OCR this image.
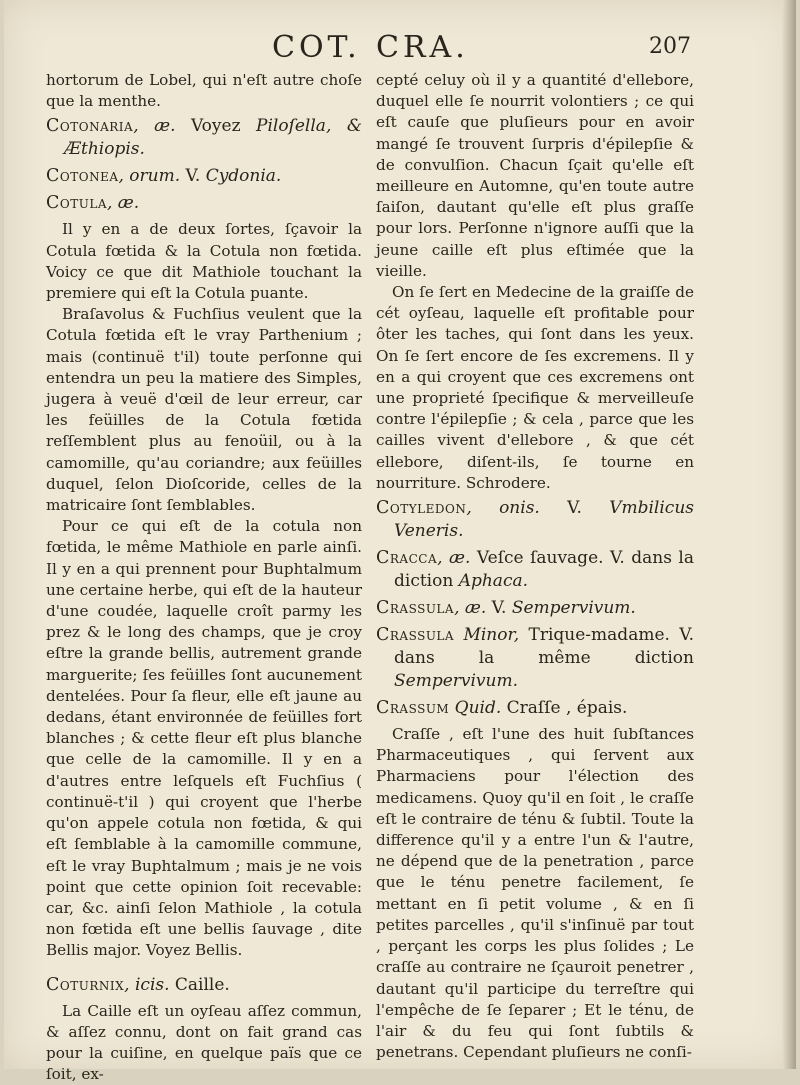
COT. CRA.	207

hortorum de Lobel, qui n'eſt autre choſe que la menthe.

Cotonaria, æ. Voyez Piloſella, & Æthiopis.
Cotonea, orum. V. Cydonia.
Cotula, æ.

Il y en a de deux ſortes, ſçavoir la Cotula fœtida & la Cotula non fœtida. Voicy ce que dit Mathiole touchant la premiere qui eſt la Cotula puante.

Braſavolus & Fuchſius veulent que la Cotula fœtida eſt le vray Parthenium ; mais (continuë t'il) toute perſonne qui entendra un peu la matiere des Simples, jugera à veuë d'œil de leur erreur, car les feüilles de la Cotula fœtida reſſemblent plus au fenoüil, ou à la camomille, qu'au coriandre; aux feüilles duquel, ſelon Dioſcoride, celles de la matricaire ſont ſemblables.

Pour ce qui eſt de la cotula non fœtida, le même Mathiole en parle ainſi. Il y en a qui prennent pour Buphtalmum une certaine herbe, qui eſt de la hauteur d'une coudée, laquelle croît parmy les prez & le long des champs, que je croy eſtre la grande bellis, autrement grande marguerite; ſes feüilles ſont aucunement dentelées. Pour ſa fleur, elle eſt jaune au dedans, étant environnée de feüilles fort blanches ; & cette fleur eſt plus blanche que celle de la camomille. Il y en a d'autres entre leſquels eſt Fuchſius ( continuë-t'il ) qui croyent que l'herbe qu'on appele cotula non fœtida, & qui eſt ſemblable à la camomille commune, eſt le vray Buphtalmum ; mais je ne vois point que cette opinion ſoit recevable: car, &c. ainſi ſelon Mathiole , la cotula non fœtida eſt une bellis ſauvage , dite Bellis major. Voyez Bellis.

Coturnix, icis. Caille.

La Caille eſt un oyſeau aſſez commun, & aſſez connu, dont on fait grand cas pour la cuiſine, en quelque païs que ce ſoit, ex-

cepté celuy où il y a quantité d'ellebore, duquel elle ſe nourrit volontiers ; ce qui eſt cauſe que pluſieurs pour en avoir mangé ſe trouvent ſurpris d'épilepſie & de convulſion. Chacun ſçait qu'elle eſt meilleure en Automne, qu'en toute autre ſaiſon, dautant qu'elle eſt plus graſſe pour lors. Perſonne n'ignore auſſi que la jeune caille eſt plus eſtimée que la vieille.

On ſe ſert en Medecine de la graiſſe de cét oyſeau, laquelle eſt profitable pour ôter les taches, qui ſont dans les yeux. On ſe ſert encore de ſes excremens. Il y en a qui croyent que ces excremens ont une proprieté ſpecifique & merveilleuſe contre l'épilepſie ; & cela , parce que les cailles vivent d'ellebore , & que cét ellebore, diſent-ils, ſe tourne en nourriture. Schrodere.

Cotyledon, onis. V. Vmbilicus Veneris.
Cracca, æ. Veſce ſauvage. V. dans la diction Aphaca.
Crassula, æ. V. Sempervivum.
Crassula Minor, Trique-madame. V. dans la même diction Sempervivum.
Crassum Quid. Craſſe , épais.

Craſſe , eſt l'une des huit ſubſtances Pharmaceutiques , qui ſervent aux Pharmaciens pour l'élection des medicamens. Quoy qu'il en ſoit , le craſſe eſt le contraire de ténu & ſubtil. Toute la difference qu'il y a entre l'un & l'autre, ne dépend que de la penetration , parce que le ténu penetre facilement, ſe mettant en ſi petit volume , & en ſi petites parcelles , qu'il s'inſinuë par tout , perçant les corps les plus ſolides ; Le craſſe au contraire ne ſçauroit penetrer , dautant qu'il participe du terreſtre qui l'empêche de ſe ſeparer ; Et le ténu, de l'air & du feu qui ſont ſubtils & penetrans. Cependant pluſieurs ne conſi-
